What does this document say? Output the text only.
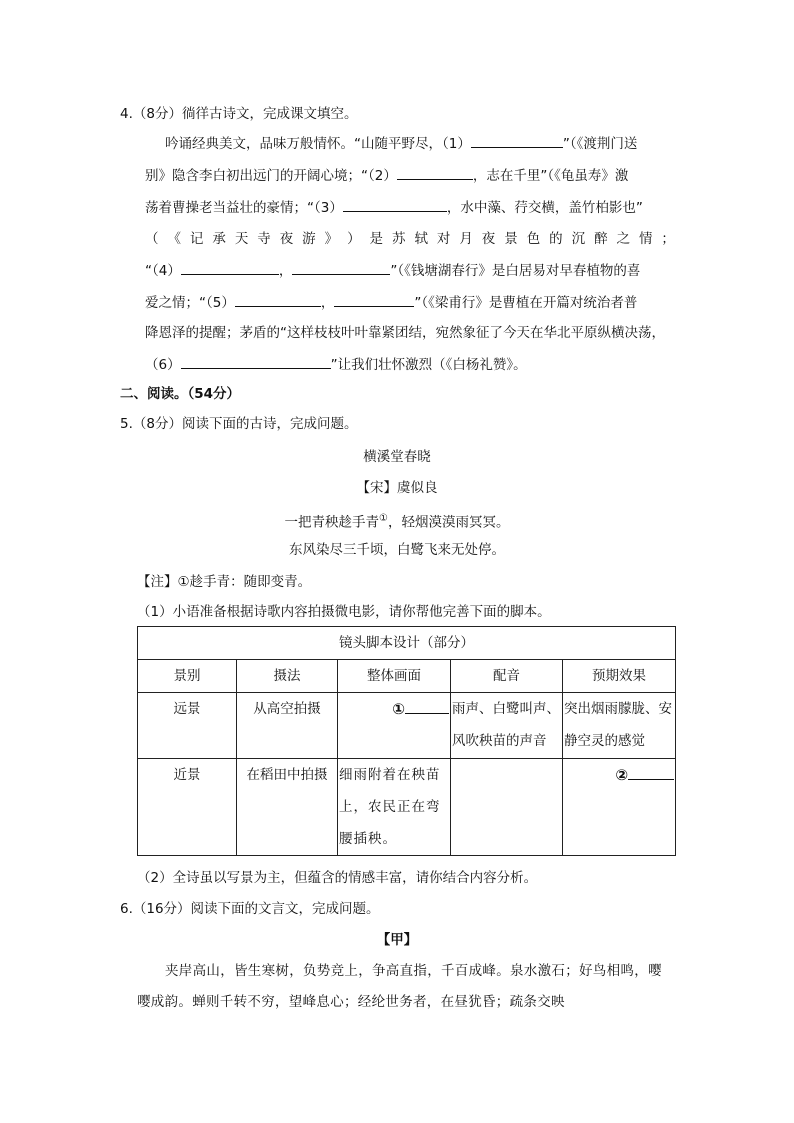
4.（8分）徜徉古诗文，完成课文填空。
吟诵经典美文，品味万般情怀。“山随平野尽，（1）	”（《渡荆门送
别》隐含李白初出远门的开阔心境；“（2）	，志在千里”（《龟虽寿》激
荡着曹操老当益壮的豪情；“（3）	，水中藻、荇交横，盖竹柏影也”
（ 《 记 承 天 寺 夜 游 》 ） 是 苏 轼 对 月 夜 景 色 的 沉 醉 之 情 ；
“（4）	，	”（《钱塘湖春行》是白居易对早春植物的喜
爱之情；“（5）	，	”（《梁甫行》是曹植在开篇对统治者普
降恩泽的提醒；茅盾的“这样枝枝叶叶靠紧团结，宛然象征了今天在华北平原纵横决荡，
（6）	”让我们壮怀激烈（《白杨礼赞》。
二、阅读。（54分）
5.（8分）阅读下面的古诗，完成问题。
横溪堂春晓
【宋】虞似良
一把青秧趁手青①，轻烟漠漠雨冥冥。
东风染尽三千顷，白鹭飞来无处停。
【注】①趁手青：随即变青。
（1）小语准备根据诗歌内容拍摄微电影，请你帮他完善下面的脚本。
镜头脚本设计（部分）				
景别	摄法	整体画面	配音	预期效果
远景	从高空拍摄	①	雨声、白鹭叫声、风吹秧苗的声音	突出烟雨朦胧、安静空灵的感觉
近景	在稻田中拍摄	细雨附着在秧苗上，农民正在弯腰插秧。		②
（2）全诗虽以写景为主，但蕴含的情感丰富，请你结合内容分析。
6.（16分）阅读下面的文言文，完成问题。
【甲】
夹岸高山，皆生寒树，负势竞上，争高直指，千百成峰。泉水激石；好鸟相鸣，嘤
嘤成韵。蝉则千转不穷，望峰息心；经纶世务者，在昼犹昏；疏条交映
